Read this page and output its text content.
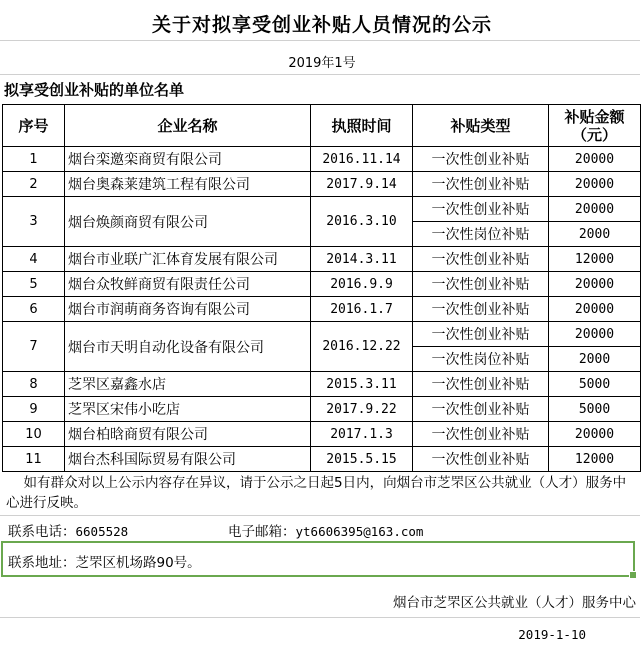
关于对拟享受创业补贴人员情况的公示
2019年1号
拟享受创业补贴的单位名单
序号	企业名称	执照时间	补贴类型	补贴金额
（元）

1	烟台栾邀栾商贸有限公司	2016.11.14	一次性创业补贴	20000
2	烟台奥森莱建筑工程有限公司	2017.9.14	一次性创业补贴	20000
3	烟台焕颜商贸有限公司	2016.3.10	一次性创业补贴	20000
			一次性岗位补贴	2000
4	烟台市业联广汇体育发展有限公司	2014.3.11	一次性创业补贴	12000
5	烟台众牧鲜商贸有限责任公司	2016.9.9	一次性创业补贴	20000
6	烟台市润萌商务咨询有限公司	2016.1.7	一次性创业补贴	20000
7	烟台市天明自动化设备有限公司	2016.12.22	一次性创业补贴	20000
			一次性岗位补贴	2000
8	芝罘区嘉鑫水店	2015.3.11	一次性创业补贴	5000
9	芝罘区宋伟小吃店	2017.9.22	一次性创业补贴	5000
10	烟台柏晗商贸有限公司	2017.1.3	一次性创业补贴	20000
11	烟台杰科国际贸易有限公司	2015.5.15	一次性创业补贴	12000
如有群众对以上公示内容存在异议，请于公示之日起5日内，向烟台市芝罘区公共就业（人才）服务中心进行反映。
联系电话：6605528	电子邮箱：yt6606395@163.com
联系地址：芝罘区机场路90号。
烟台市芝罘区公共就业（人才）服务中心
2019-1-10
